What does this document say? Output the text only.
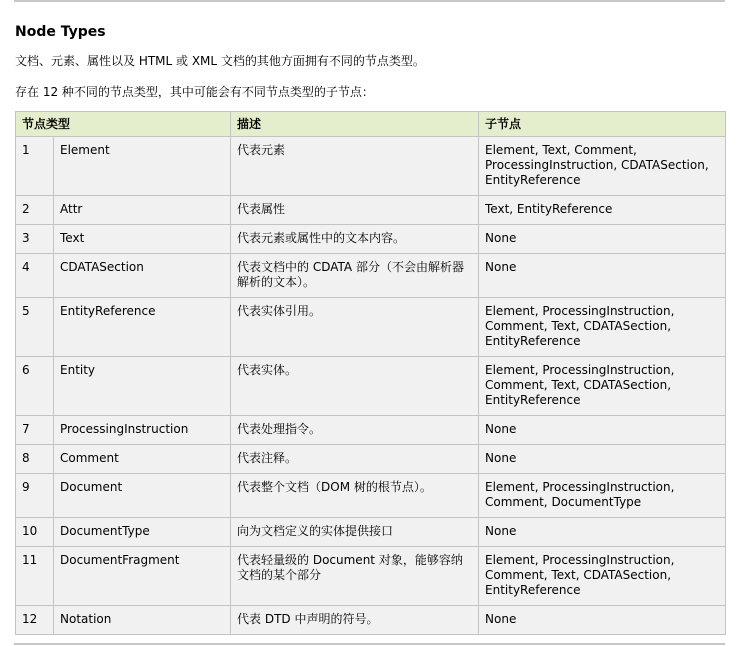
Node Types

文档、元素、属性以及 HTML 或 XML 文档的其他方面拥有不同的节点类型。

存在 12 种不同的节点类型，其中可能会有不同节点类型的子节点：

节点类型		描述	子节点
1	Element	代表元素	Element, Text, Comment, ProcessingInstruction, CDATASection, EntityReference
2	Attr	代表属性	Text, EntityReference
3	Text	代表元素或属性中的文本内容。	None
4	CDATASection	代表文档中的 CDATA 部分（不会由解析器解析的文本）。	None
5	EntityReference	代表实体引用。	Element, ProcessingInstruction, Comment, Text, CDATASection, EntityReference
6	Entity	代表实体。	Element, ProcessingInstruction, Comment, Text, CDATASection, EntityReference
7	ProcessingInstruction	代表处理指令。	None
8	Comment	代表注释。	None
9	Document	代表整个文档（DOM 树的根节点）。	Element, ProcessingInstruction, Comment, DocumentType
10	DocumentType	向为文档定义的实体提供接口	None
11	DocumentFragment	代表轻量级的 Document 对象，能够容纳文档的某个部分	Element, ProcessingInstruction, Comment, Text, CDATASection, EntityReference
12	Notation	代表 DTD 中声明的符号。	None
